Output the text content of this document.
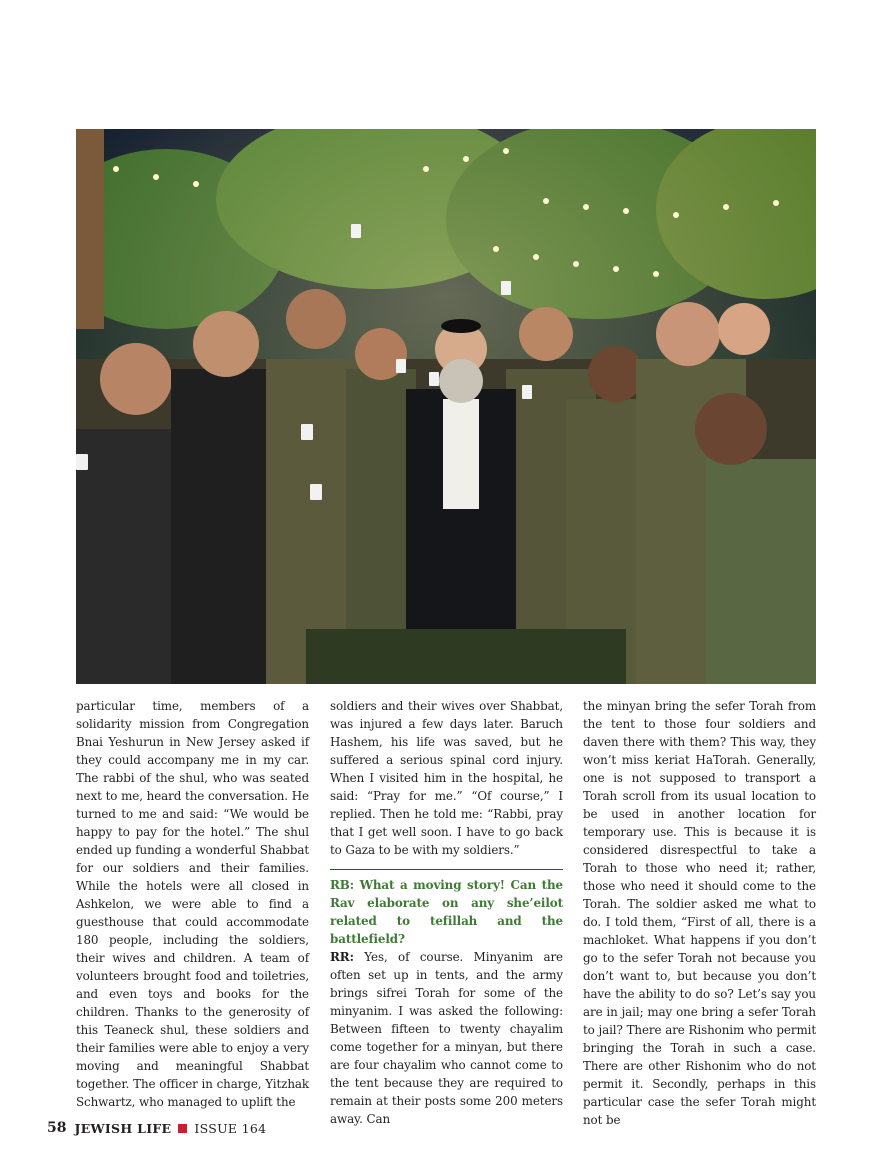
particular time, members of a solidarity mission from Congregation Bnai Yeshurun in New Jersey asked if they could accompany me in my car. The rabbi of the shul, who was seated next to me, heard the conversation. He turned to me and said: “We would be happy to pay for the hotel.” The shul ended up funding a wonderful Shabbat for our soldiers and their families. While the hotels were all closed in Ashkelon, we were able to find a guesthouse that could accommodate 180 people, including the soldiers, their wives and children. A team of volunteers brought food and toiletries, and even toys and books for the children. Thanks to the generosity of this Teaneck shul, these soldiers and their families were able to enjoy a very moving and meaningful Shabbat together. The officer in charge, Yitzhak Schwartz, who managed to uplift the

soldiers and their wives over Shabbat, was injured a few days later. Baruch Hashem, his life was saved, but he suffered a serious spinal cord injury. When I visited him in the hospital, he said: “Pray for me.” “Of course,” I replied. Then he told me: “Rabbi, pray that I get well soon. I have to go back to Gaza to be with my soldiers.”

RB: What a moving story! Can the Rav elaborate on any she’eilot related to tefillah and the battlefield?

RR: Yes, of course. Minyanim are often set up in tents, and the army brings sifrei Torah for some of the minyanim. I was asked the following: Between fifteen to twenty chayalim come together for a minyan, but there are four chayalim who cannot come to the tent because they are required to remain at their posts some 200 meters away. Can

the minyan bring the sefer Torah from the tent to those four soldiers and daven there with them? This way, they won’t miss keriat HaTorah. Generally, one is not supposed to transport a Torah scroll from its usual location to be used in another location for temporary use. This is because it is considered disrespectful to take a Torah to those who need it; rather, those who need it should come to the Torah. The soldier asked me what to do. I told them, “First of all, there is a machloket. What happens if you don’t go to the sefer Torah not because you don’t want to, but because you don’t have the ability to do so? Let’s say you are in jail; may one bring a sefer Torah to jail? There are Rishonim who permit bringing the Torah in such a case. There are other Rishonim who do not permit it. Secondly, perhaps in this particular case the sefer Torah might not be

58 JEWISH LIFE ISSUE 164
